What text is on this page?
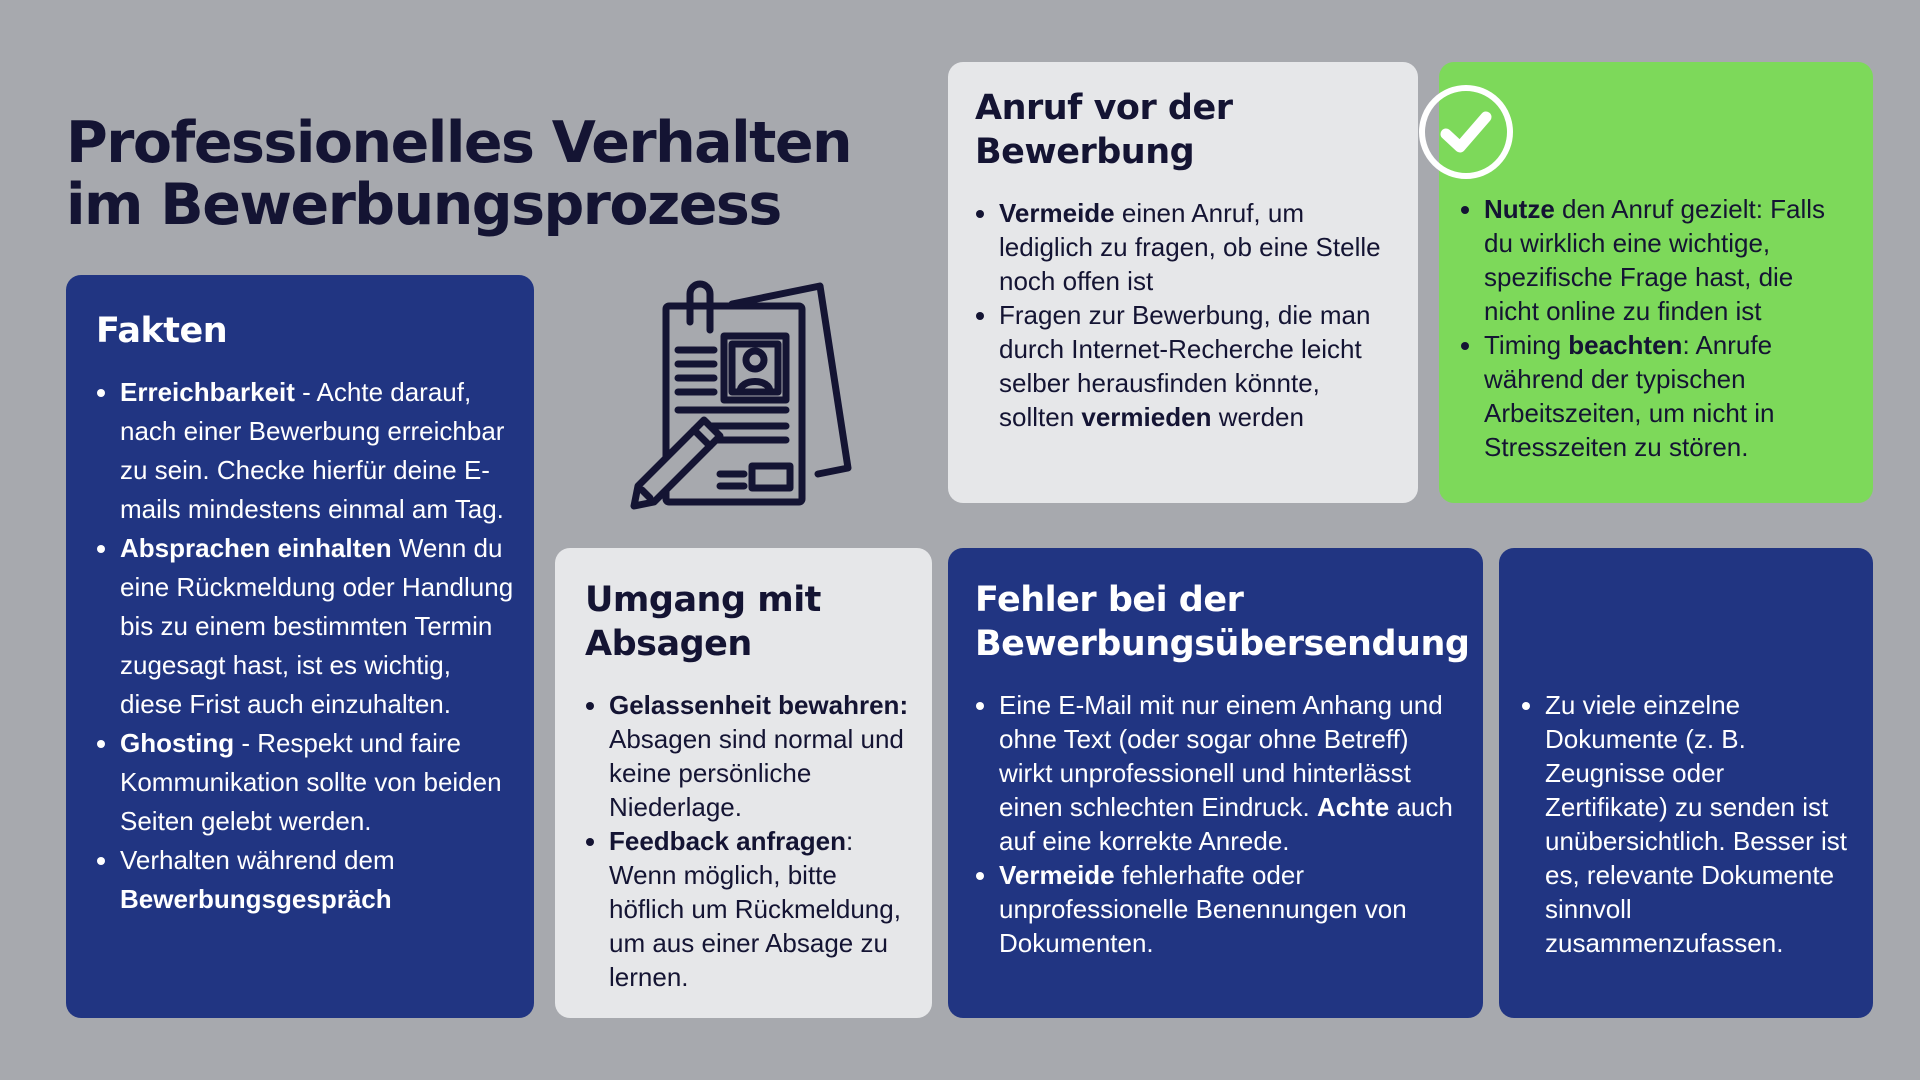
Professionelles Verhalten
im Bewerbungsprozess
Fakten
• Erreichbarkeit - Achte darauf, nach einer Bewerbung erreichbar zu sein. Checke hierfür deine E-mails mindestens einmal am Tag.
• Absprachen einhalten Wenn du eine Rückmeldung oder Handlung bis zu einem bestimmten Termin zugesagt hast, ist es wichtig, diese Frist auch einzuhalten.
• Ghosting - Respekt und faire Kommunikation sollte von beiden Seiten gelebt werden.
• Verhalten während dem Bewerbungsgespräch
Anruf vor der
Bewerbung
• Vermeide einen Anruf, um lediglich zu fragen, ob eine Stelle noch offen ist
• Fragen zur Bewerbung, die man durch Internet-Recherche leicht selber herausfinden könnte, sollten vermieden werden
• Nutze den Anruf gezielt: Falls du wirklich eine wichtige, spezifische Frage hast, die nicht online zu finden ist
• Timing beachten: Anrufe während der typischen Arbeitszeiten, um nicht in Stresszeiten zu stören.
Umgang mit
Absagen
• Gelassenheit bewahren: Absagen sind normal und keine persönliche Niederlage.
• Feedback anfragen: Wenn möglich, bitte höflich um Rückmeldung, um aus einer Absage zu lernen.
Fehler bei der
Bewerbungsübersendung
• Eine E-Mail mit nur einem Anhang und ohne Text (oder sogar ohne Betreff) wirkt unprofessionell und hinterlässt einen schlechten Eindruck. Achte auch auf eine korrekte Anrede.
• Vermeide fehlerhafte oder unprofessionelle Benennungen von Dokumenten.
• Zu viele einzelne Dokumente (z. B. Zeugnisse oder Zertifikate) zu senden ist unübersichtlich. Besser ist es, relevante Dokumente sinnvoll zusammenzufassen.
